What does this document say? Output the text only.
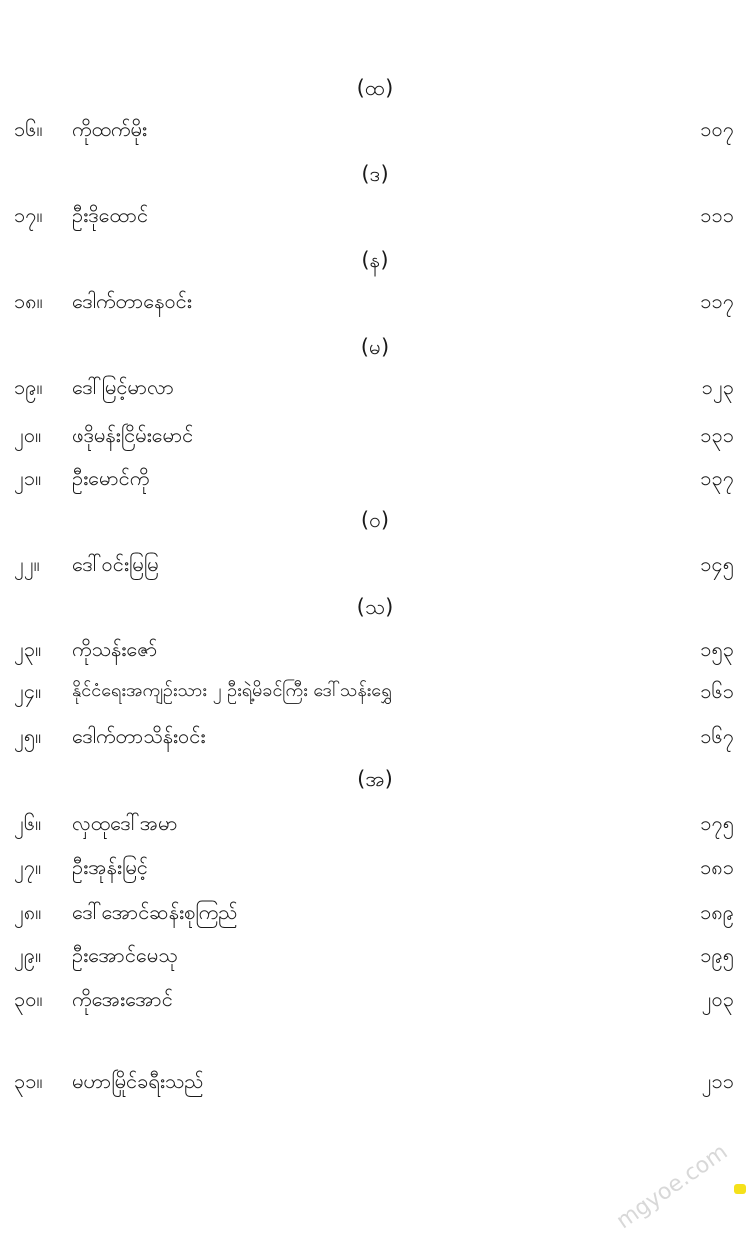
(ထ)
၁၆။ ကိုထက်မိုး	၁၀၇
(ဒ)
၁၇။ ဦးဒိုထောင်	၁၁၁
(န)
၁၈။ ဒေါက်တာနေဝင်း	၁၁၇
(မ)
၁၉။ ဒေါ်မြင့်မာလာ	၁၂၃
၂၀။ ဖဒိုမန်းငြိမ်းမောင်	၁၃၁
၂၁။ ဦးမောင်ကို	၁၃၇
(ဝ)
၂၂။ ဒေါ်ဝင်းမြမြ	၁၄၅
(သ)
၂၃။ ကိုသန်းဇော်	၁၅၃
၂၄။ နိုင်ငံရေးအကျဉ်းသား ၂ ဦးရဲ့မိခင်ကြီး ဒေါ်သန်းရွှေ	၁၆၁
၂၅။ ဒေါက်တာသိန်းဝင်း	၁၆၇
(အ)
၂၆။ လှထုဒေါ်အမာ	၁၇၅
၂၇။ ဦးအုန်းမြင့်	၁၈၁
၂၈။ ဒေါ်အောင်ဆန်းစုကြည်	၁၈၉
၂၉။ ဦးအောင်မေသု	၁၉၅
၃၀။ ကိုအေးအောင်	၂၀၃
၃၁။ မဟာမြိုင်ခရီးသည်	၂၁၁
mgyoe.com
